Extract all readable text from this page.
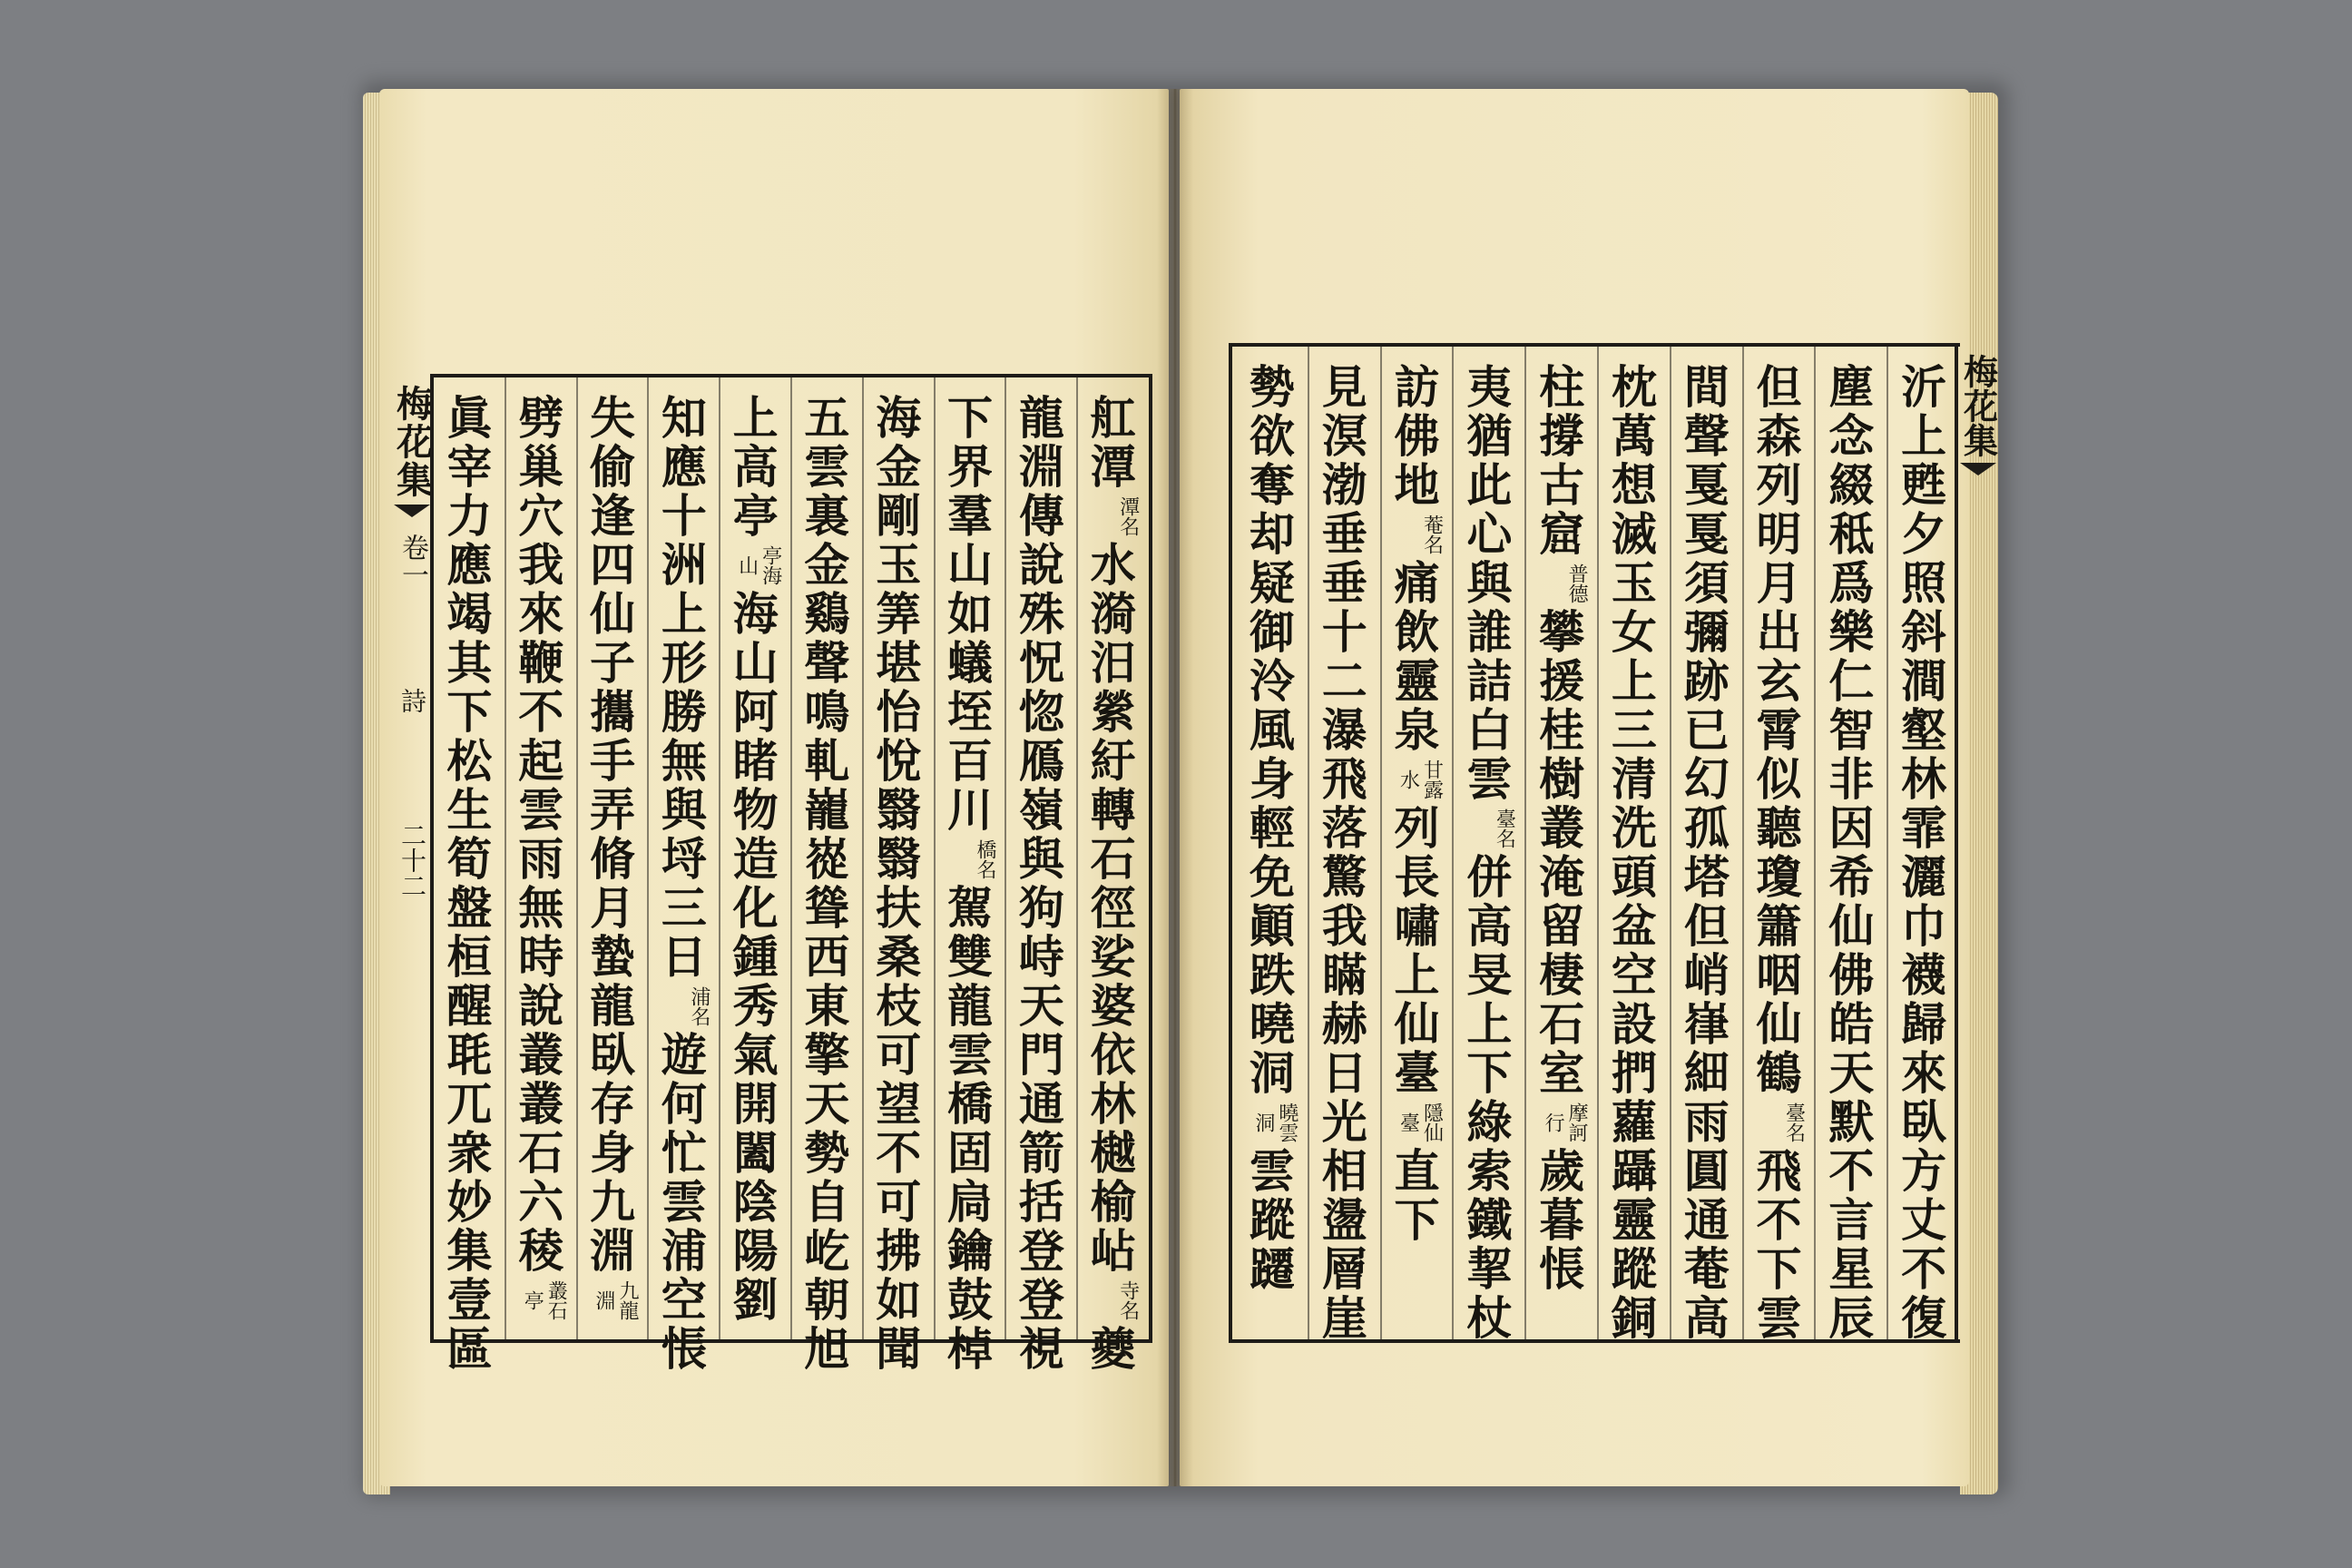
梅花集
卷一
詩
二十二
舡
潭
潭名
水
漪
汨
縈
紆
轉
石
徑
娑
婆
依
林
樾
榆
岾
寺名
夔
龍
淵
傳
說
殊
怳
惚
鴈
嶺
與
狗
峙
天
門
通
箭
括
登
登
視
下
界
羣
山
如
蟻
垤
百
川
橋名
駕
雙
龍
雲
橋
固
扃
鑰
鼓
棹
海
金
剛
玉
筭
堪
怡
悅
翳
翳
扶
桑
枝
可
望
不
可
拂
如
聞
五
雲
裏
金
鷄
聲
鳴
軋
巃
嵸
聳
西
東
擎
天
勢
自
屹
朝
旭
上
高
亭
亭海山
海
山
阿
睹
物
造
化
鍾
秀
氣
開
闔
陰
陽
劉
知
應
十
洲
上
形
勝
無
與
埒
三
日
浦名
遊
何
忙
雲
浦
空
悵
失
偷
逢
四
仙
子
攜
手
弄
脩
月
蟄
龍
臥
存
身
九
淵
九龍淵
劈
巢
穴
我
來
鞭
不
起
雲
雨
無
時
說
叢
叢
石
六
稜
叢石亭
眞
宰
力
應
竭
其
下
松
生
筍
盤
桓
醒
毦
兀
衆
妙
集
壹
區
沂
上
甦
夕
照
斜
澗
壑
林
霏
灑
巾
襪
歸
來
臥
方
丈
不
復
塵
念
綴
秪
爲
樂
仁
智
非
因
希
仙
佛
皓
天
默
不
言
星
辰
但
森
列
明
月
出
玄
霄
似
聽
瓊
簫
咽
仙
鶴
臺名
飛
不
下
雲
間
聲
戛
戛
須
彌
跡
已
幻
孤
塔
但
峭
嵂
細
雨
圓
通
菴
高
枕
萬
想
滅
玉
女
上
三
清
洗
頭
盆
空
設
捫
蘿
躡
靈
蹤
銅
柱
撐
古
窟
普德
攀
援
桂
樹
叢
淹
留
棲
石
室
摩訶行
歲
暮
悵
夷
猶
此
心
與
誰
詰
白
雲
臺名
併
高
旻
上
下
綠
索
鐵
挈
杖
訪
佛
地
菴名
痛
飲
靈
泉
甘露水
列
長
嘯
上
仙
臺
隱仙臺
直
下
見
溟
渤
垂
垂
十
二
瀑
飛
落
驚
我
瞞
赫
日
光
相
盪
層
崖
勢
欲
奪
却
疑
御
泠
風
身
輕
免
顚
跌
曉
洞
曉雲洞
雲
蹤
躚
梅花集
